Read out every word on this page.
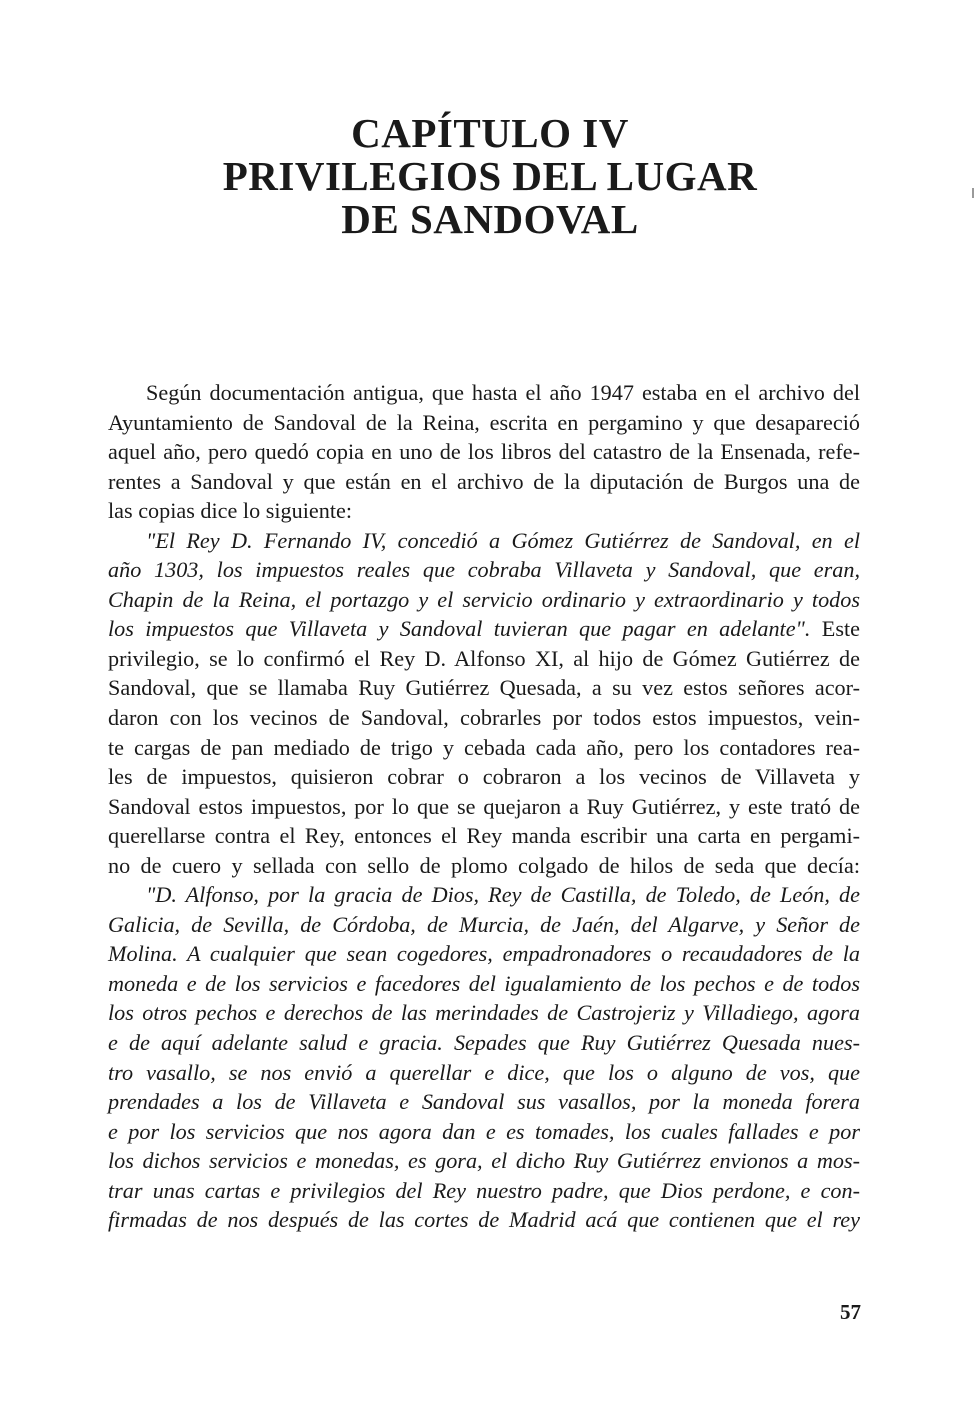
CAPÍTULO IV
PRIVILEGIOS DEL LUGAR
DE SANDOVAL
Según documentación antigua, que hasta el año 1947 estaba en el archivo del
Ayuntamiento de Sandoval de la Reina, escrita en pergamino y que desapareció
aquel año, pero quedó copia en uno de los libros del catastro de la Ensenada, refe-
rentes a Sandoval y que están en el archivo de la diputación de Burgos una de
las copias dice lo siguiente:
"El Rey D. Fernando IV, concedió a Gómez Gutiérrez de Sandoval, en el
año 1303, los impuestos reales que cobraba Villaveta y Sandoval, que eran,
Chapin de la Reina, el portazgo y el servicio ordinario y extraordinario y todos
los impuestos que Villaveta y Sandoval tuvieran que pagar en adelante". Este
privilegio, se lo confirmó el Rey D. Alfonso XI, al hijo de Gómez Gutiérrez de
Sandoval, que se llamaba Ruy Gutiérrez Quesada, a su vez estos señores acor-
daron con los vecinos de Sandoval, cobrarles por todos estos impuestos, vein-
te cargas de pan mediado de trigo y cebada cada año, pero los contadores rea-
les de impuestos, quisieron cobrar o cobraron a los vecinos de Villaveta y
Sandoval estos impuestos, por lo que se quejaron a Ruy Gutiérrez, y este trató de
querellarse contra el Rey, entonces el Rey manda escribir una carta en pergami-
no de cuero y sellada con sello de plomo colgado de hilos de seda que decía:
"D. Alfonso, por la gracia de Dios, Rey de Castilla, de Toledo, de León, de
Galicia, de Sevilla, de Córdoba, de Murcia, de Jaén, del Algarve, y Señor de
Molina. A cualquier que sean cogedores, empadronadores o recaudadores de la
moneda e de los servicios e facedores del igualamiento de los pechos e de todos
los otros pechos e derechos de las merindades de Castrojeriz y Villadiego, agora
e de aquí adelante salud e gracia. Sepades que Ruy Gutiérrez Quesada nues-
tro vasallo, se nos envió a querellar e dice, que los o alguno de vos, que
prendades a los de Villaveta e Sandoval sus vasallos, por la moneda forera
e por los servicios que nos agora dan e es tomades, los cuales fallades e por
los dichos servicios e monedas, es gora, el dicho Ruy Gutiérrez envionos a mos-
trar unas cartas e privilegios del Rey nuestro padre, que Dios perdone, e con-
firmadas de nos después de las cortes de Madrid acá que contienen que el rey
57
